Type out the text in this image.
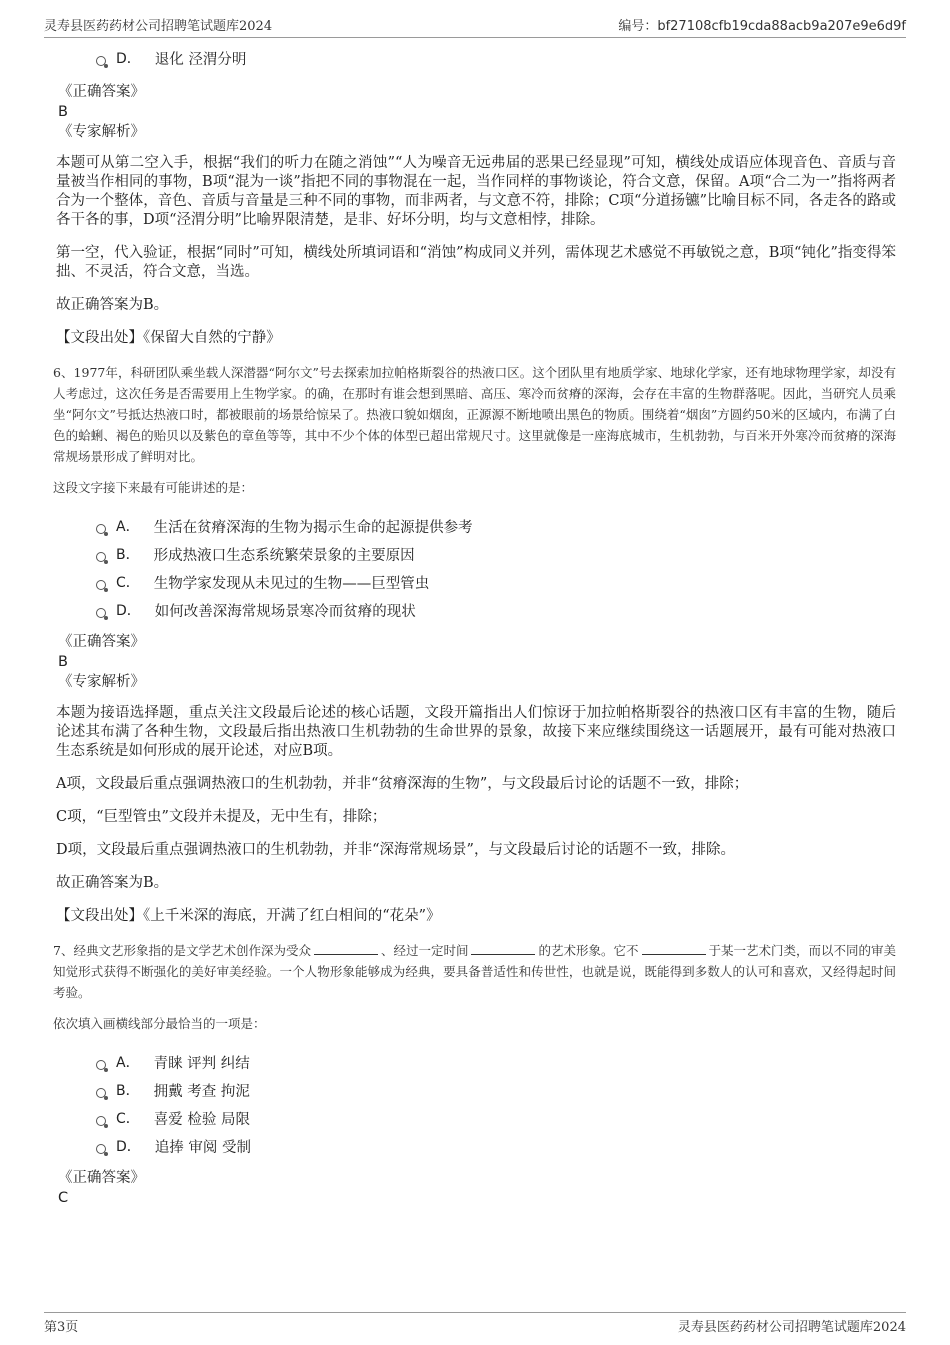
灵寿县医药药材公司招聘笔试题库2024	编号：bf27108cfb19cda88acb9a207e9e6d9f
D． 退化 泾渭分明
《正确答案》
B
《专家解析》

本题可从第二空入手，根据“我们的听力在随之消蚀”“人为噪音无远弗届的恶果已经显现”可知，横线处成语应体现音色、音质与音量被当作相同的事物，B项“混为一谈”指把不同的事物混在一起，当作同样的事物谈论，符合文意，保留。A项“合二为一”指将两者合为一个整体，音色、音质与音量是三种不同的事物，而非两者，与文意不符，排除；C项“分道扬镳”比喻目标不同，各走各的路或各干各的事，D项“泾渭分明”比喻界限清楚，是非、好坏分明，均与文意相悖，排除。

第一空，代入验证，根据“同时”可知，横线处所填词语和“消蚀”构成同义并列，需体现艺术感觉不再敏锐之意，B项“钝化”指变得笨拙、不灵活，符合文意，当选。

故正确答案为B。

【文段出处】《保留大自然的宁静》

6、1977年，科研团队乘坐载人深潜器“阿尔文”号去探索加拉帕格斯裂谷的热液口区。这个团队里有地质学家、地球化学家，还有地球物理学家，却没有人考虑过，这次任务是否需要用上生物学家。的确，在那时有谁会想到黑暗、高压、寒冷而贫瘠的深海，会存在丰富的生物群落呢。因此，当研究人员乘坐“阿尔文”号抵达热液口时，都被眼前的场景给惊呆了。热液口貌如烟囱，正源源不断地喷出黑色的物质。围绕着“烟囱”方圆约50米的区域内，布满了白色的蛤蜊、褐色的贻贝以及紫色的章鱼等等，其中不少个体的体型已超出常规尺寸。这里就像是一座海底城市，生机勃勃，与百米开外寒冷而贫瘠的深海常规场景形成了鲜明对比。

这段文字接下来最有可能讲述的是：

A． 生活在贫瘠深海的生物为揭示生命的起源提供参考
B． 形成热液口生态系统繁荣景象的主要原因
C． 生物学家发现从未见过的生物——巨型管虫
D． 如何改善深海常规场景寒冷而贫瘠的现状
《正确答案》
B
《专家解析》

本题为接语选择题，重点关注文段最后论述的核心话题，文段开篇指出人们惊讶于加拉帕格斯裂谷的热液口区有丰富的生物，随后论述其布满了各种生物，文段最后指出热液口生机勃勃的生命世界的景象，故接下来应继续围绕这一话题展开，最有可能对热液口生态系统是如何形成的展开论述，对应B项。

A项，文段最后重点强调热液口的生机勃勃，并非“贫瘠深海的生物”，与文段最后讨论的话题不一致，排除；

C项，“巨型管虫”文段并未提及，无中生有，排除；

D项，文段最后重点强调热液口的生机勃勃，并非“深海常规场景”，与文段最后讨论的话题不一致，排除。

故正确答案为B。

【文段出处】《上千米深的海底，开满了红白相间的“花朵”》

7、经典文艺形象指的是文学艺术创作深为受众	、经过一定时间	的艺术形象。它不	于某一艺术门类，而以不同的审美知觉形式获得不断强化的美好审美经验。一个人物形象能够成为经典，要具备普适性和传世性，也就是说，既能得到多数人的认可和喜欢，又经得起时间考验。

依次填入画横线部分最恰当的一项是：

A． 青睐 评判 纠结
B． 拥戴 考查 拘泥
C． 喜爱 检验 局限
D． 追捧 审阅 受制
《正确答案》
C
第3页	灵寿县医药药材公司招聘笔试题库2024
